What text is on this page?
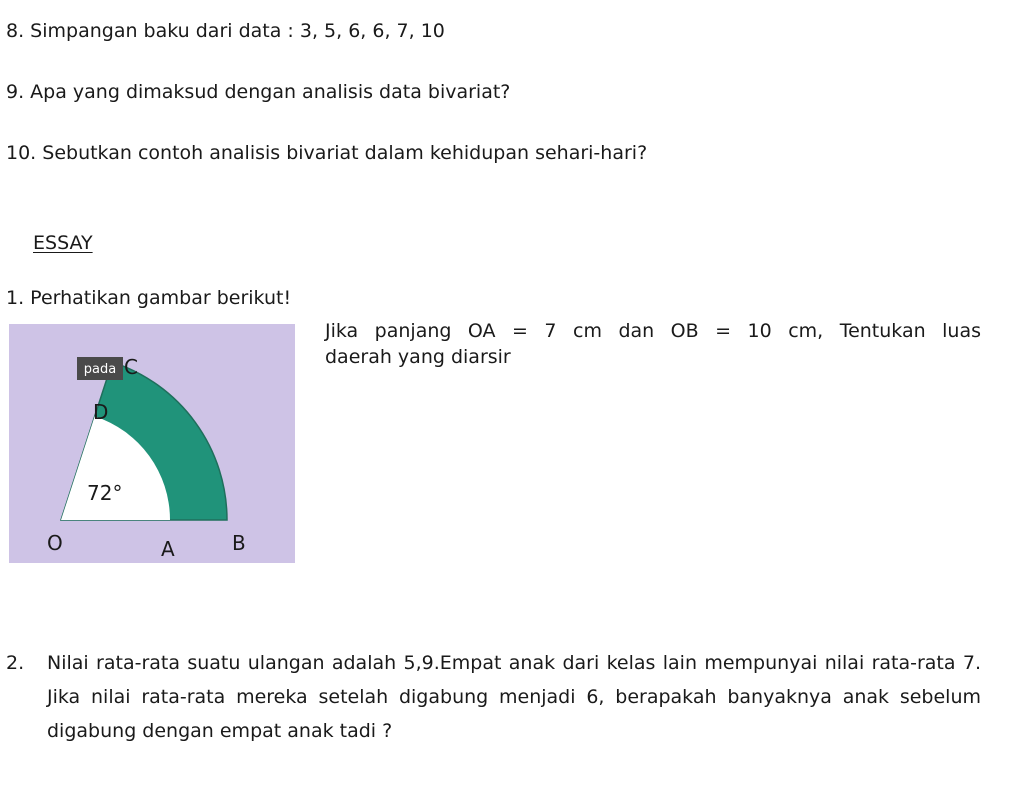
8. Simpangan baku dari data : 3, 5, 6, 6, 7, 10
9. Apa yang dimaksud dengan analisis data bivariat?
10. Sebutkan contoh analisis bivariat dalam kehidupan sehari-hari?
ESSAY
1. Perhatikan gambar berikut!
Jika panjang OA = 7 cm dan OB = 10 cm, Tentukan luas
daerah yang diarsir
pada C
D
72°
O	A	B
2. Nilai rata-rata suatu ulangan adalah 5,9.Empat anak dari kelas lain mempunyai nilai rata-rata 7. Jika nilai rata-rata mereka setelah digabung menjadi 6, berapakah banyaknya anak sebelum digabung dengan empat anak tadi ?
